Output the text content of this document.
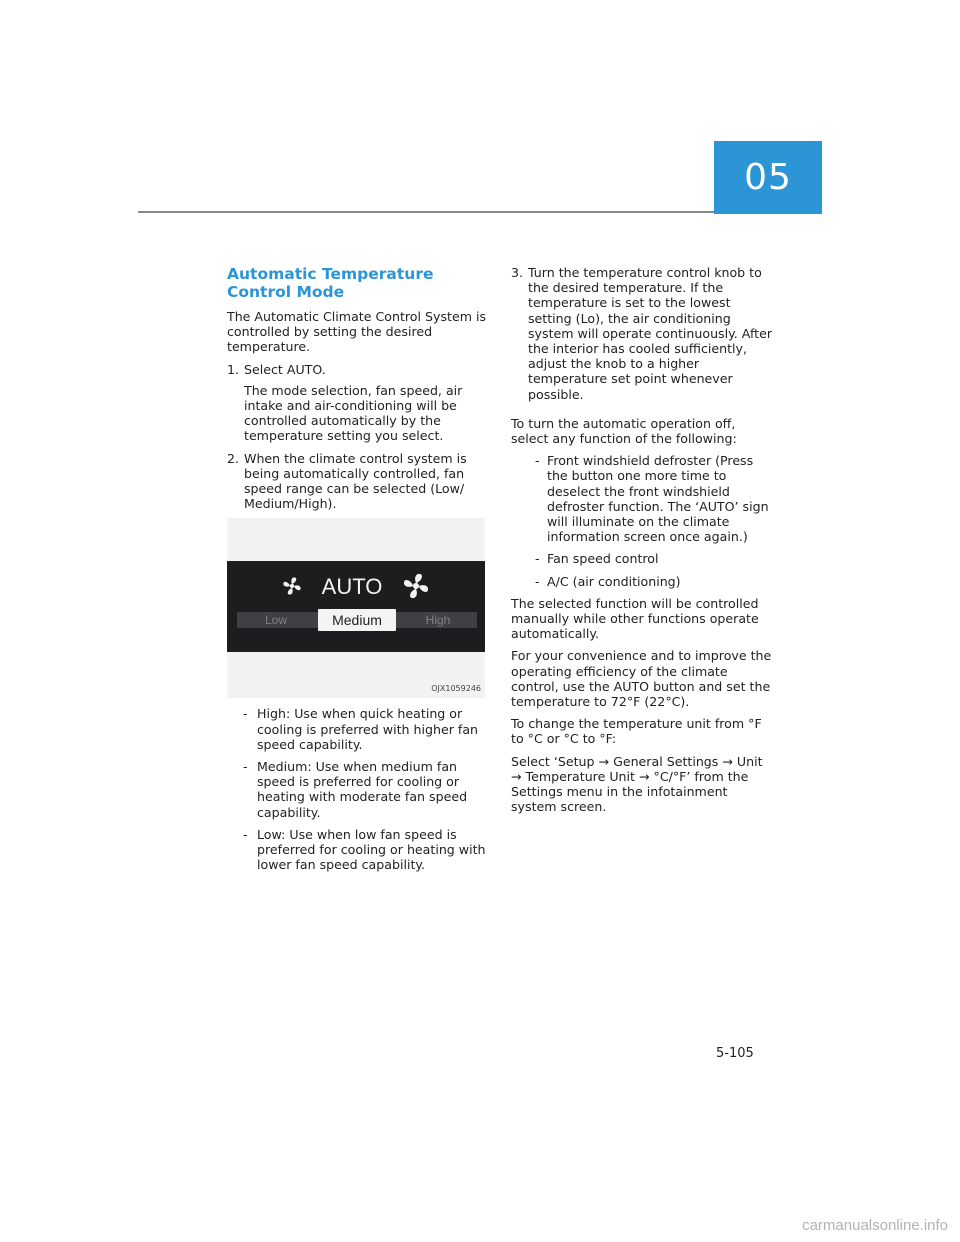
05
Automatic Temperature Control Mode

The Automatic Climate Control System is controlled by setting the desired temperature.

1. Select AUTO.
The mode selection, fan speed, air intake and air-conditioning will be controlled automatically by the temperature setting you select.
2. When the climate control system is being automatically controlled, fan speed range can be selected (Low/ Medium/High).
AUTO
Low	High
Medium
OJX1059246
- High: Use when quick heating or cooling is preferred with higher fan speed capability.
- Medium: Use when medium fan speed is preferred for cooling or heating with moderate fan speed capability.
- Low: Use when low fan speed is preferred for cooling or heating with lower fan speed capability.
3. Turn the temperature control knob to the desired temperature. If the temperature is set to the lowest setting (Lo), the air conditioning system will operate continuously. After the interior has cooled sufficiently, adjust the knob to a higher temperature set point whenever possible.

To turn the automatic operation off, select any function of the following:

- Front windshield defroster (Press the button one more time to deselect the front windshield defroster function. The ‘AUTO’ sign will illuminate on the climate information screen once again.)
- Fan speed control
- A/C (air conditioning)

The selected function will be controlled manually while other functions operate automatically.

For your convenience and to improve the operating efficiency of the climate control, use the AUTO button and set the temperature to 72°F (22°C).

To change the temperature unit from °F to °C or °C to °F:

Select ‘Setup → General Settings → Unit → Temperature Unit → °C/°F’ from the Settings menu in the infotainment system screen.

5-105
carmanualsonline.info
